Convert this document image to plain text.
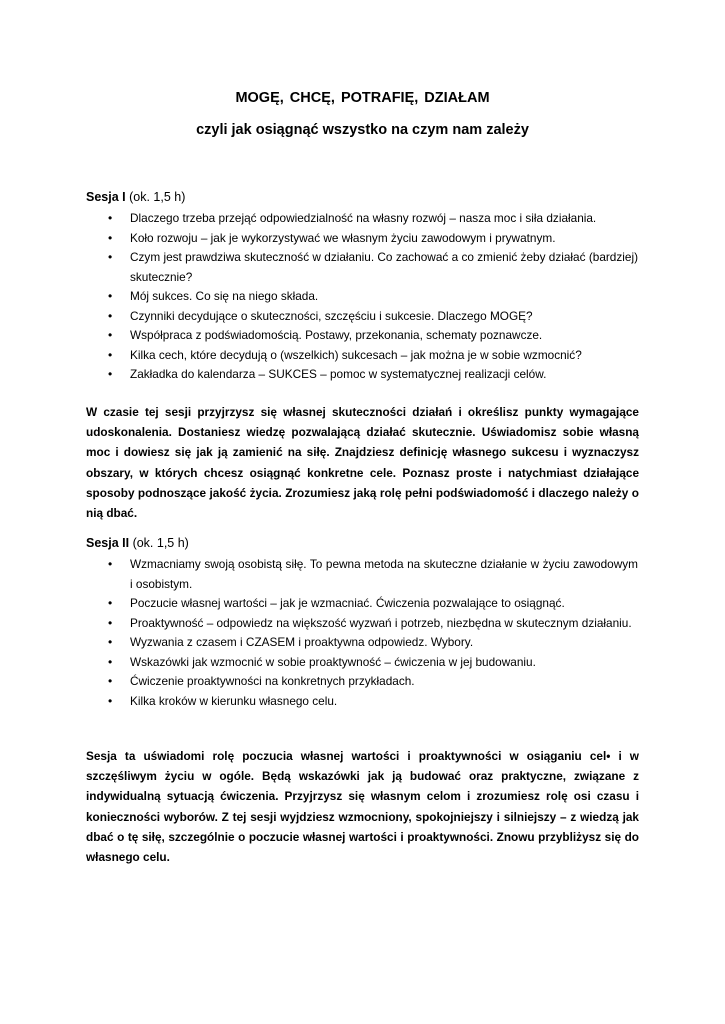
MOGĘ, CHCĘ, POTRAFIĘ, DZIAŁAM
czyli jak osiągnąć wszystko na czym nam zależy
Sesja I (ok. 1,5 h)
• Dlaczego trzeba przejąć odpowiedzialność na własny rozwój – nasza moc i siła działania.
• Koło rozwoju – jak je wykorzystywać we własnym życiu zawodowym i prywatnym.
• Czym jest prawdziwa skuteczność w działaniu. Co zachować a co zmienić żeby działać (bardziej) skutecznie?
• Mój sukces. Co się na niego składa.
• Czynniki decydujące o skuteczności, szczęściu i sukcesie. Dlaczego MOGĘ?
• Współpraca z podświadomością. Postawy, przekonania, schematy poznawcze.
• Kilka cech, które decydują o (wszelkich) sukcesach – jak można je w sobie wzmocnić?
• Zakładka do kalendarza – SUKCES – pomoc w systematycznej realizacji celów.

W czasie tej sesji przyjrzysz się własnej skuteczności działań i określisz punkty wymagające udoskonalenia. Dostaniesz wiedzę pozwalającą działać skutecznie. Uświadomisz sobie własną moc i dowiesz się jak ją zamienić na siłę. Znajdziesz definicję własnego sukcesu i wyznaczysz obszary, w których chcesz osiągnąć konkretne cele. Poznasz proste i natychmiast działające sposoby podnoszące jakość życia. Zrozumiesz jaką rolę pełni podświadomość i dlaczego należy o nią dbać.

Sesja II (ok. 1,5 h)
• Wzmacniamy swoją osobistą siłę. To pewna metoda na skuteczne działanie w życiu zawodowym i osobistym.
• Poczucie własnej wartości – jak je wzmacniać. Ćwiczenia pozwalające to osiągnąć.
• Proaktywność – odpowiedz na większość wyzwań i potrzeb, niezbędna w skutecznym działaniu.
• Wyzwania z czasem i CZASEM i proaktywna odpowiedz. Wybory.
• Wskazówki jak wzmocnić w sobie proaktywność – ćwiczenia w jej budowaniu.
• Ćwiczenie proaktywności na konkretnych przykładach.
• Kilka kroków w kierunku własnego celu.

Sesja ta uświadomi rolę poczucia własnej wartości i proaktywności w osiąganiu cel• i w szczęśliwym życiu w ogóle. Będą wskazówki jak ją budować oraz praktyczne, związane z indywidualną sytuacją ćwiczenia. Przyjrzysz się własnym celom i zrozumiesz rolę osi czasu i konieczności wyborów. Z tej sesji wyjdziesz wzmocniony, spokojniejszy i silniejszy – z wiedzą jak dbać o tę siłę, szczególnie o poczucie własnej wartości i proaktywności. Znowu przybliżysz się do własnego celu.
